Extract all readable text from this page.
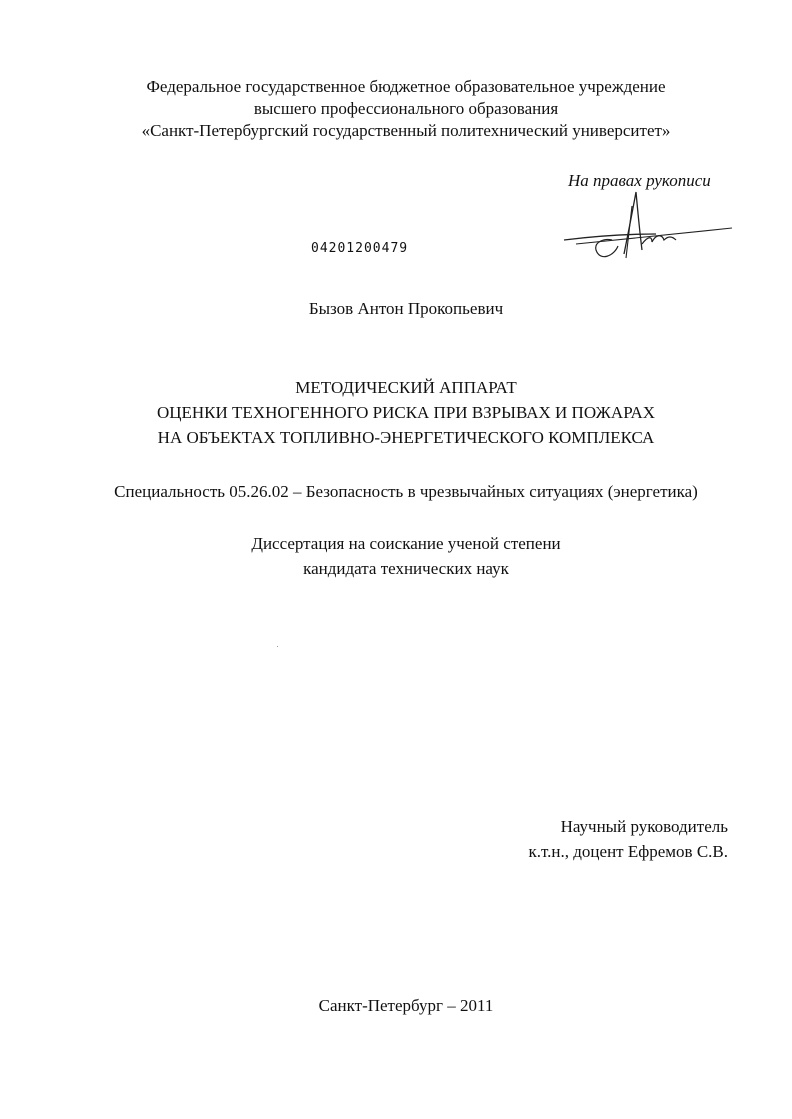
Федеральное государственное бюджетное образовательное учреждение
высшего профессионального образования
«Санкт-Петербургский государственный политехнический университет»
На правах рукописи
04201200479
Бызов Антон Прокопьевич
МЕТОДИЧЕСКИЙ АППАРАТ
ОЦЕНКИ ТЕХНОГЕННОГО РИСКА ПРИ ВЗРЫВАХ И ПОЖАРАХ
НА ОБЪЕКТАХ ТОПЛИВНО-ЭНЕРГЕТИЧЕСКОГО КОМПЛЕКСА
Специальность 05.26.02 – Безопасность в чрезвычайных ситуациях (энергетика)
Диссертация на соискание ученой степени
кандидата технических наук
Научный руководитель
к.т.н., доцент Ефремов С.В.
Санкт-Петербург – 2011
